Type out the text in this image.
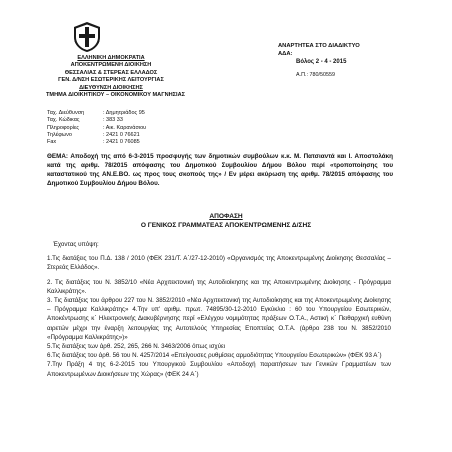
ΕΛΛΗΝΙΚΗ ΔΗΜΟΚΡΑΤΙΑ
ΑΠΟΚΕΝΤΡΩΜΕΝΗ ΔΙΟΙΚΗΣΗ
ΘΕΣΣΑΛΙΑΣ & ΣΤΕΡΕΑΣ ΕΛΛΑΔΟΣ
ΓΕΝ. Δ/ΝΣΗ ΕΣΩΤΕΡΙΚΗΣ ΛΕΙΤΟΥΡΓΙΑΣ
ΔΙΕΥΘΥΝΣΗ ΔΙΟΙΚΗΣΗΣ
ΤΜΗΜΑ ΔΙΟΙΚΗΤΙΚΟΥ – ΟΙΚΟΝΟΜΙΚΟΥ ΜΑΓΝΗΣΙΑΣ
ΑΝΑΡΤΗΤΕΑ ΣΤΟ ΔΙΑΔΙΚΤΥΟ
ΑΔΑ:
Βόλος 2 - 4 - 2015
Α.Π.: 780/50559
Ταχ. Διεύθυνση	: Δημητριάδος 95
Ταχ. Κώδικας	: 383 33
Πληροφορίες	: Αικ. Καρανάσιου
Τηλέφωνο	: 2421 0 76621
Fax	: 2421 0 76085
ΘΕΜΑ: Αποδοχή της από 6-3-2015 προσφυγής των δημοτικών συμβούλων κ.κ. Μ. Πατσιαντά και Ι. Αποστολάκη κατά της αριθμ. 78/2015 απόφασης του Δημοτικού Συμβουλίου Δήμου Βόλου περί «τροποποίησης του καταστατικού της ΑΝ.Ε.ΒΟ. ως προς τους σκοπούς της» / Εν μέρει ακύρωση της αριθμ. 78/2015 απόφασης του Δημοτικού Συμβουλίου Δήμου Βόλου.
ΑΠΟΦΑΣΗ
Ο ΓΕΝΙΚΟΣ ΓΡΑΜΜΑΤΕΑΣ ΑΠΟΚΕΝΤΡΩΜΕΝΗΣ Δ/ΣΗΣ

Έχοντας υπόψη:

1.Τις διατάξεις του Π.Δ. 138 / 2010 (ΦΕΚ 231/Τ. Α΄/27-12-2010) «Οργανισμός της Αποκεντρωμένης Διοίκησης Θεσσαλίας – Στερεάς Ελλάδος».

2. Τις διατάξεις του Ν. 3852/10 «Νέα Αρχιτεκτονική της Αυτοδιοίκησης και της Αποκεντρωμένης Διοίκησης - Πρόγραμμα Καλλικράτης».

3. Τις διατάξεις του άρθρου 227 του Ν. 3852/2010 «Νέα Αρχιτεκτονική της Αυτοδιοίκησης και της Αποκεντρωμένης Διοίκησης – Πρόγραμμα Καλλικράτης» 4.Την υπ' αριθμ. πρωτ. 74895/30-12-2010 Εγκύκλιο : 60 του Υπουργείου Εσωτερικών, Αποκέντρωσης κ΄ Ηλεκτρονικής Διακυβέρνησης περί «Ελέγχου νομιμότητας πράξεων Ο.Τ.Α., Αστική κ΄ Πειθαρχική ευθύνη αιρετών μέχρι την έναρξη λειτουργίας της Αυτοτελούς Υπηρεσίας Εποπτείας Ο.Τ.Α. (άρθρο 238 του Ν. 3852/2010 «Πρόγραμμα Καλλικράτης»)»

5.Τις διατάξεις των άρθ. 252, 265, 266 Ν. 3463/2006 όπως ισχύει

6.Τις διατάξεις του άρθ. 56 του Ν. 4257/2014 «Επείγουσες ρυθμίσεις αρμοδιότητας Υπουργείου Εσωτερικών» (ΦΕΚ 93 Α΄)

7.Την Πράξη 4 της 6-2-2015 του Υπουργικού Συμβουλίου «Αποδοχή παραιτήσεων των Γενικών Γραμματέων των Αποκεντρωμένων Διοικήσεων της Χώρας» (ΦΕΚ 24 Α΄)
